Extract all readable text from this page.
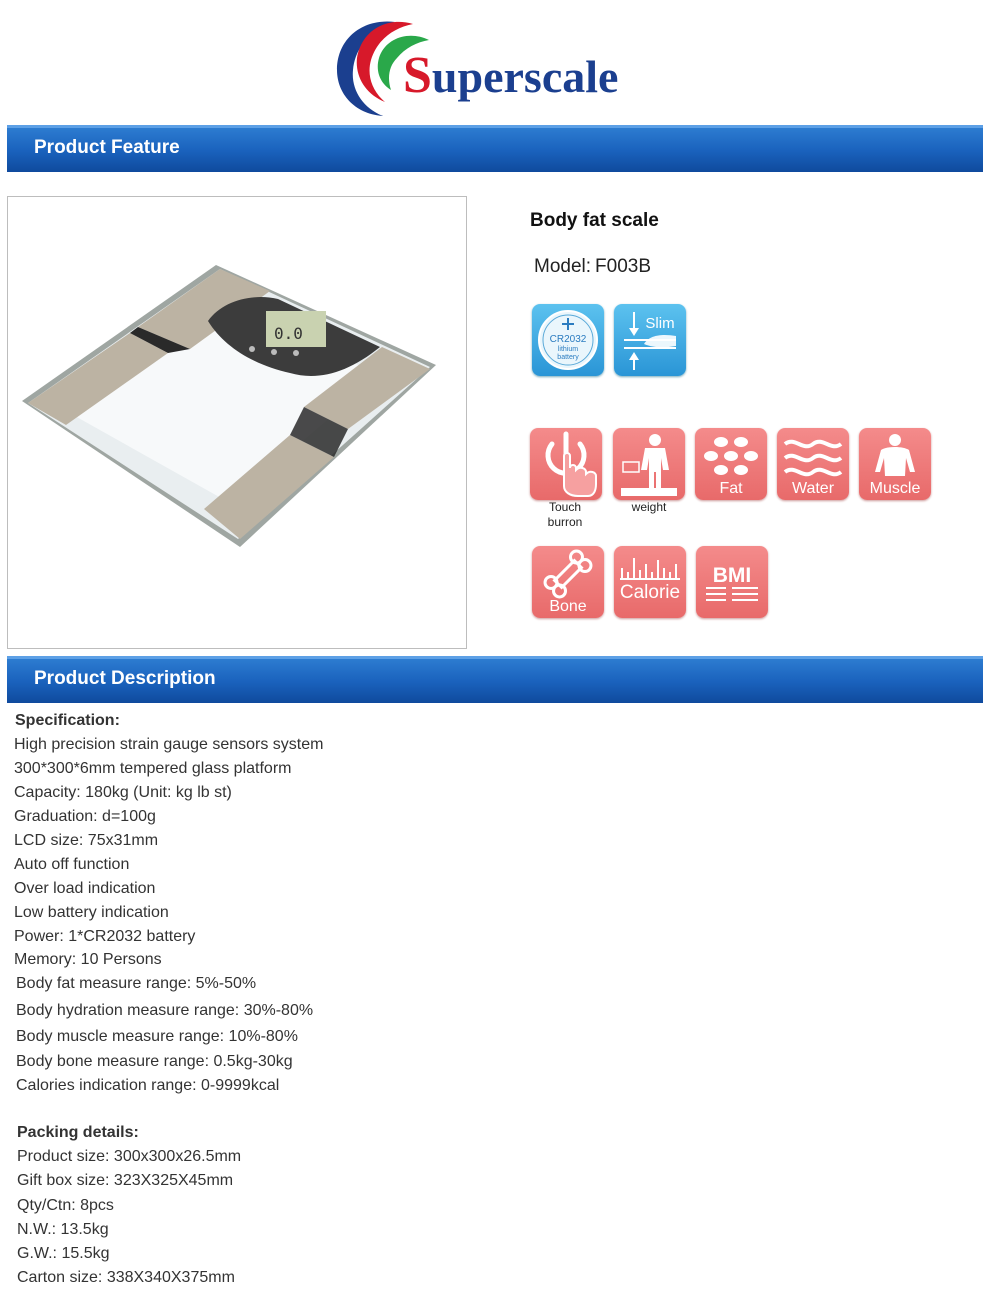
Superscale
Product Feature
0.0
Body fat scale
Model: F003B
CR2032
lithium
battery
Slim
Touch
burron
weight
Fat	Water	Muscle
Bone
Calorie
BMI
Product Description
Specification:
High precision strain gauge sensors system
300*300*6mm tempered glass platform
Capacity: 180kg (Unit: kg lb st)
Graduation: d=100g
LCD size: 75x31mm
Auto off function
Over load indication
Low battery indication
Power: 1*CR2032 battery
Memory: 10 Persons
Body fat measure range: 5%-50%
Body hydration measure range: 30%-80%
Body muscle measure range: 10%-80%
Body bone measure range: 0.5kg-30kg
Calories indication range: 0-9999kcal
Packing details:
Product size: 300x300x26.5mm
Gift box size: 323X325X45mm
Qty/Ctn: 8pcs
N.W.: 13.5kg
G.W.: 15.5kg
Carton size: 338X340X375mm
